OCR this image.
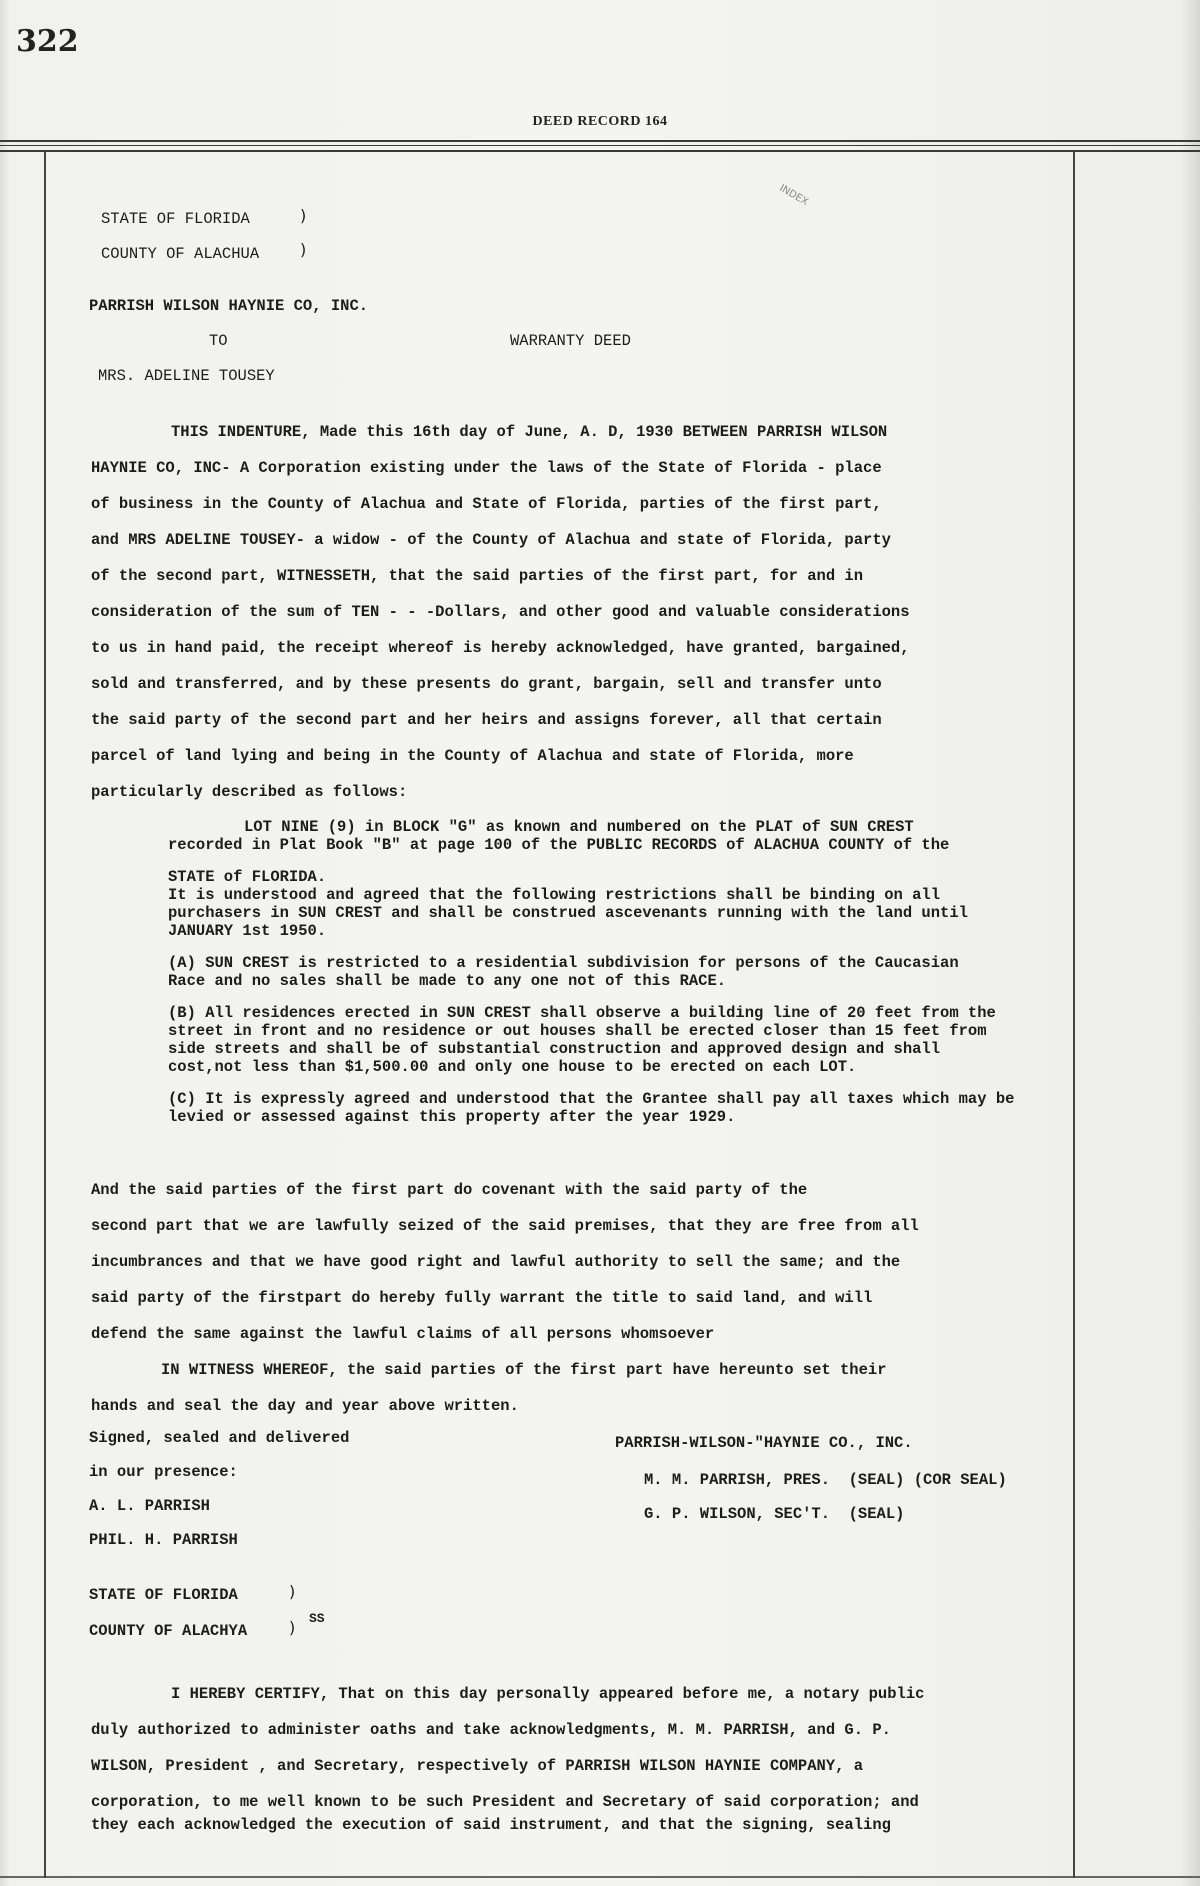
322
DEED RECORD 164
INDEX
STATE OF FLORIDA	)
COUNTY OF ALACHUA	)
PARRISH WILSON HAYNIE CO, INC.
TO	WARRANTY DEED
MRS. ADELINE TOUSEY

THIS INDENTURE, Made this 16th day of June, A. D, 1930 BETWEEN PARRISH WILSON

HAYNIE CO, INC- A Corporation existing under the laws of the State of Florida - place

of business in the County of Alachua and State of Florida, parties of the first part,

and MRS ADELINE TOUSEY- a widow - of the County of Alachua and state of Florida, party

of the second part, WITNESSETH, that the said parties of the first part, for and in

consideration of the sum of TEN - - -Dollars, and other good and valuable considerations

to us in hand paid, the receipt whereof is hereby acknowledged, have granted, bargained,

sold and transferred, and by these presents do grant, bargain, sell and transfer unto

the said party of the second part and her heirs and assigns forever, all that certain

parcel of land lying and being in the County of Alachua and state of Florida, more

particularly described as follows:

LOT NINE (9) in BLOCK "G" as known and numbered on the PLAT of SUN CREST
recorded in Plat Book "B" at page 100 of the PUBLIC RECORDS of ALACHUA COUNTY of the
STATE of FLORIDA.

It is understood and agreed that the following restrictions shall be binding on all purchasers in SUN CREST and shall be construed ascevenants running with the land until JANUARY 1st 1950.

(A) SUN CREST is restricted to a residential subdivision for persons of the Caucasian Race and no sales shall be made to any one not of this RACE.

(B) All residences erected in SUN CREST shall observe a building line of 20 feet from the street in front and no residence or out houses shall be erected closer than 15 feet from side streets and shall be of substantial construction and approved design and shall cost,not less than $1,500.00 and only one house to be erected on each LOT.

(C) It is expressly agreed and understood that the Grantee shall pay all taxes which may be levied or assessed against this property after the year 1929.

And the said parties of the first part do covenant with the said party of the

second part that we are lawfully seized of the said premises, that they are free from all

incumbrances and that we have good right and lawful authority to sell the same; and the

said party of the firstpart do hereby fully warrant the title to said land, and will

defend the same against the lawful claims of all persons whomsoever

IN WITNESS WHEREOF, the said parties of the first part have hereunto set their

hands and seal the day and year above written.

Signed, sealed and delivered
in our presence:
A. L. PARRISH
PHIL. H. PARRISH
PARRISH-WILSON-"HAYNIE CO., INC.
M. M. PARRISH, PRES.  (SEAL) (COR SEAL)
G. P. WILSON, SEC'T.  (SEAL)
STATE OF FLORIDA	)
COUNTY OF ALACHYA	) SS

I HEREBY CERTIFY, That on this day personally appeared before me, a notary public

duly authorized to administer oaths and take acknowledgments, M. M. PARRISH, and G. P.

WILSON, President , and Secretary, respectively of PARRISH WILSON HAYNIE COMPANY, a

corporation, to me well known to be such President and Secretary of said corporation; and

they each acknowledged the execution of said instrument, and that the signing, sealing
